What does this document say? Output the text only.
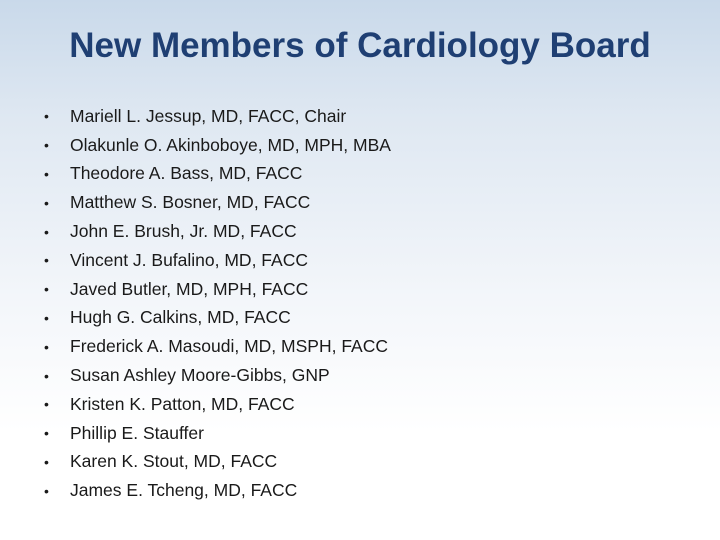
New Members of Cardiology Board
•	Mariell L. Jessup, MD, FACC, Chair
•	Olakunle O. Akinboboye, MD, MPH, MBA
•	Theodore A. Bass, MD, FACC
•	Matthew S. Bosner, MD, FACC
•	John E. Brush, Jr. MD, FACC
•	Vincent J. Bufalino, MD, FACC
•	Javed Butler, MD, MPH, FACC
•	Hugh G. Calkins, MD, FACC
•	Frederick A. Masoudi, MD, MSPH, FACC
•	Susan Ashley Moore-Gibbs, GNP
•	Kristen K. Patton, MD, FACC
•	Phillip E. Stauffer
•	Karen K. Stout, MD, FACC
•	James E. Tcheng, MD, FACC
